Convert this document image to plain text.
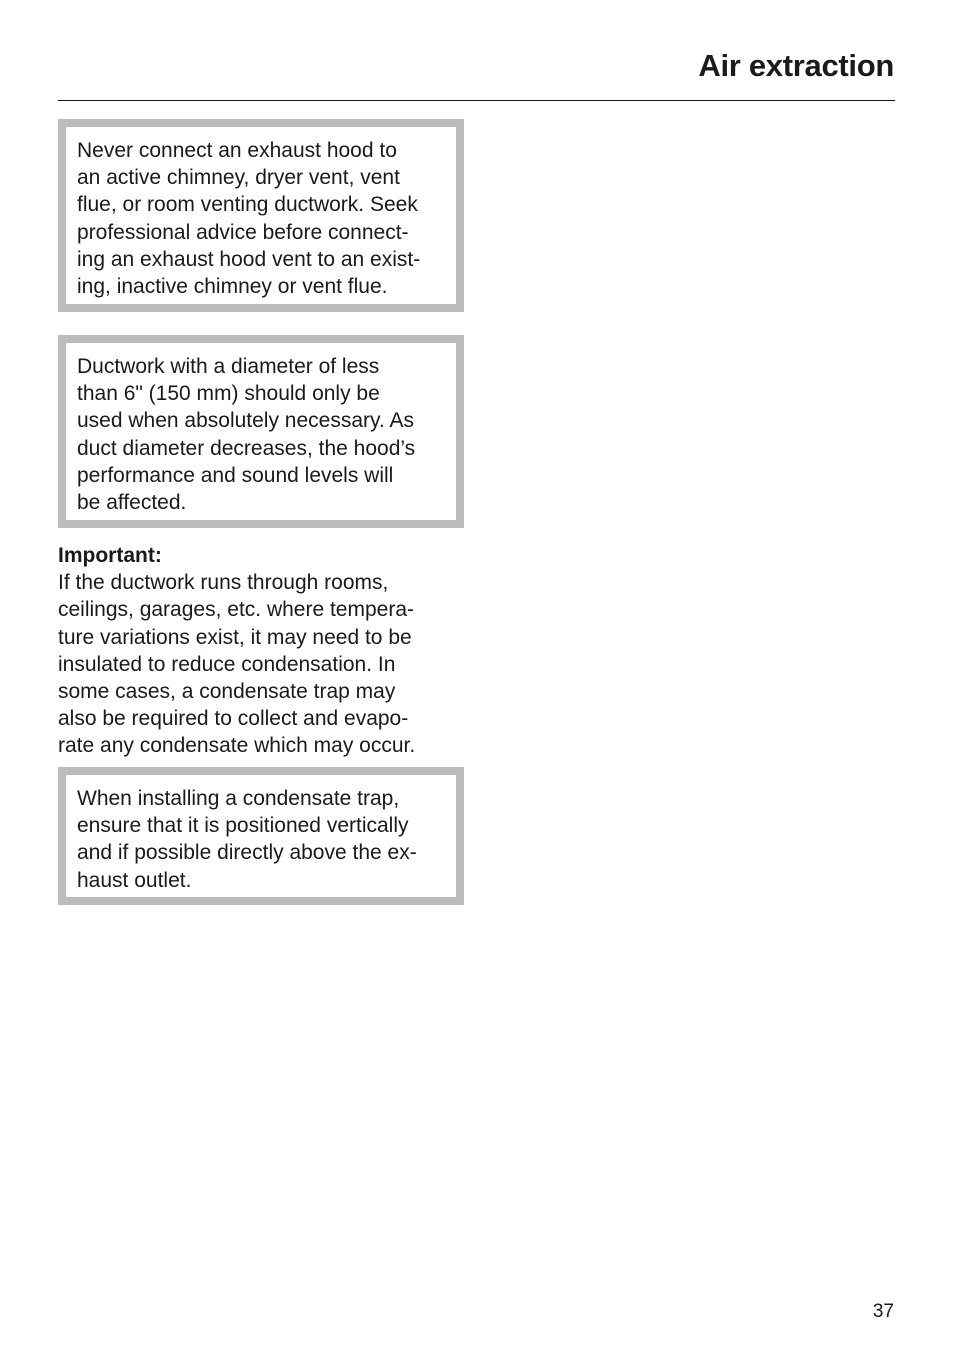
Air extraction
Never connect an exhaust hood to
an active chimney, dryer vent, vent
flue, or room venting ductwork. Seek
professional advice before connect-
ing an exhaust hood vent to an exist-
ing, inactive chimney or vent flue.
Ductwork with a diameter of less
than 6" (150 mm) should only be
used when absolutely necessary. As
duct diameter decreases, the hood’s
performance and sound levels will
be affected.
Important:
If the ductwork runs through rooms,
ceilings, garages, etc. where tempera-
ture variations exist, it may need to be
insulated to reduce condensation. In
some cases, a condensate trap may
also be required to collect and evapo-
rate any condensate which may occur.
When installing a condensate trap,
ensure that it is positioned vertically
and if possible directly above the ex-
haust outlet.
37
